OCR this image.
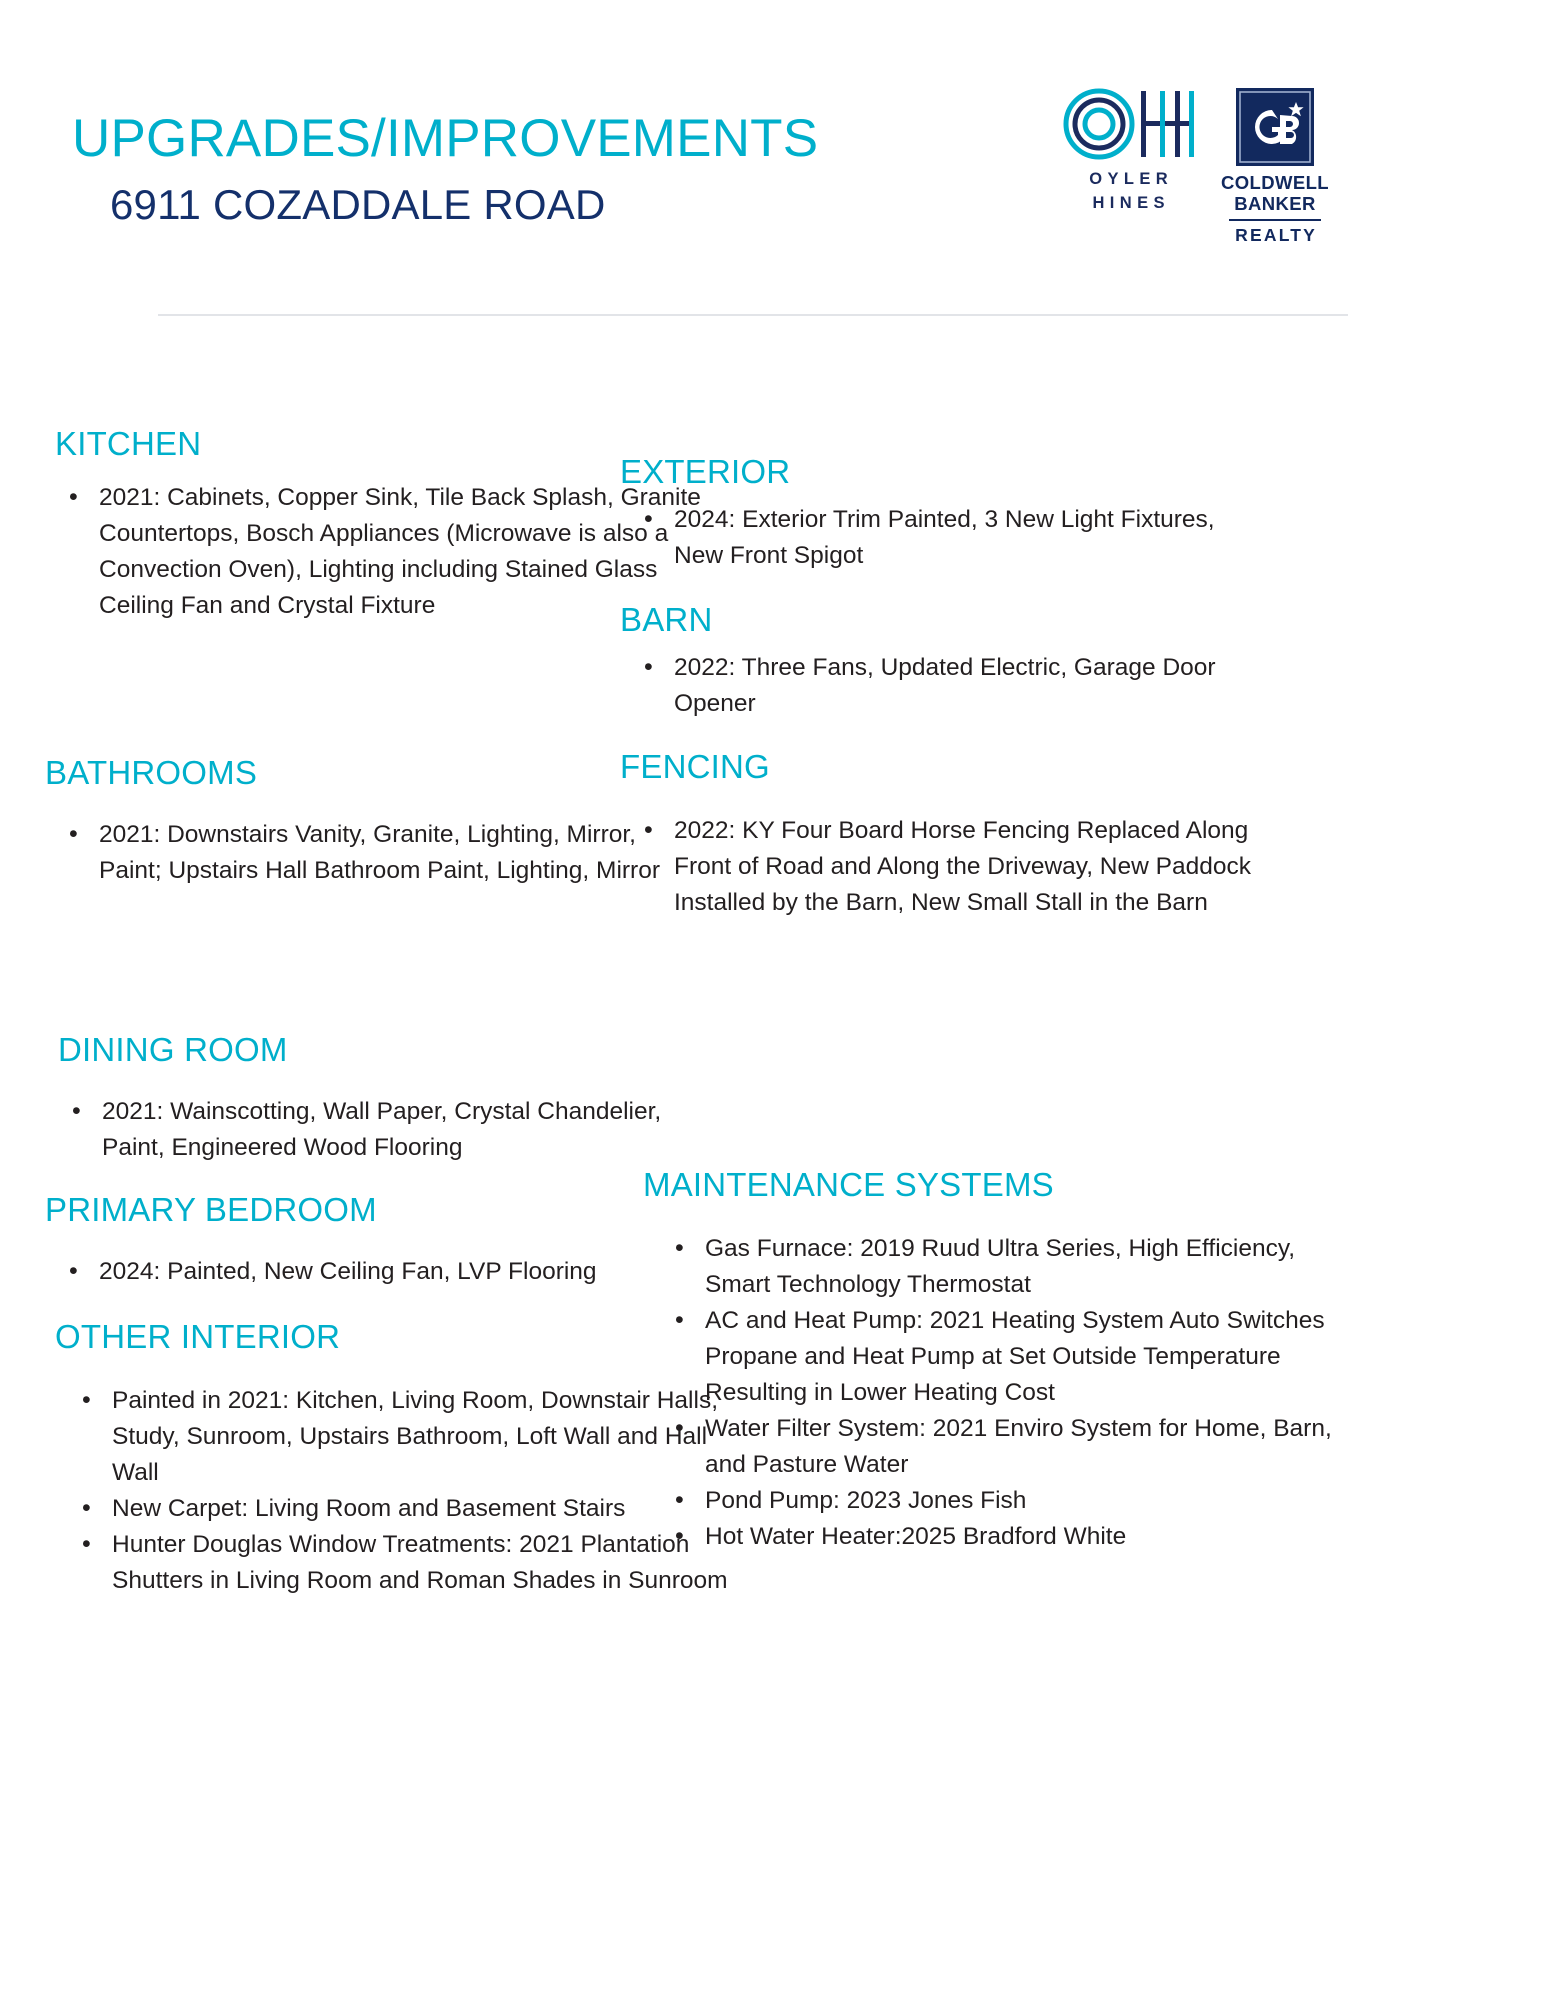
UPGRADES/IMPROVEMENTS
6911 COZADDALE ROAD
OYLER
HINES
COLDWELL
BANKER
REALTY
KITCHEN
• 2021: Cabinets, Copper Sink, Tile Back Splash, Granite Countertops, Bosch Appliances (Microwave is also a Convection Oven), Lighting including Stained Glass Ceiling Fan and Crystal Fixture
BATHROOMS
• 2021: Downstairs Vanity, Granite, Lighting, Mirror, Paint; Upstairs Hall Bathroom Paint, Lighting, Mirror
DINING ROOM
• 2021: Wainscotting, Wall Paper, Crystal Chandelier, Paint, Engineered Wood Flooring
PRIMARY BEDROOM
• 2024: Painted, New Ceiling Fan, LVP Flooring
OTHER INTERIOR
• Painted in 2021: Kitchen, Living Room, Downstair Halls, Study, Sunroom, Upstairs Bathroom, Loft Wall and Hall Wall
• New Carpet: Living Room and Basement Stairs
• Hunter Douglas Window Treatments: 2021 Plantation Shutters in Living Room and Roman Shades in Sunroom
EXTERIOR
• 2024: Exterior Trim Painted, 3 New Light Fixtures, New Front Spigot
BARN
• 2022: Three Fans, Updated Electric, Garage Door Opener
FENCING
• 2022: KY Four Board Horse Fencing Replaced Along Front of Road and Along the Driveway, New Paddock Installed by the Barn, New Small Stall in the Barn
MAINTENANCE SYSTEMS
• Gas Furnace: 2019 Ruud Ultra Series, High Efficiency, Smart Technology Thermostat
• AC and Heat Pump: 2021 Heating System Auto Switches Propane and Heat Pump at Set Outside Temperature Resulting in Lower Heating Cost
• Water Filter System: 2021 Enviro System for Home, Barn, and Pasture Water
• Pond Pump: 2023 Jones Fish
• Hot Water Heater:2025 Bradford White
